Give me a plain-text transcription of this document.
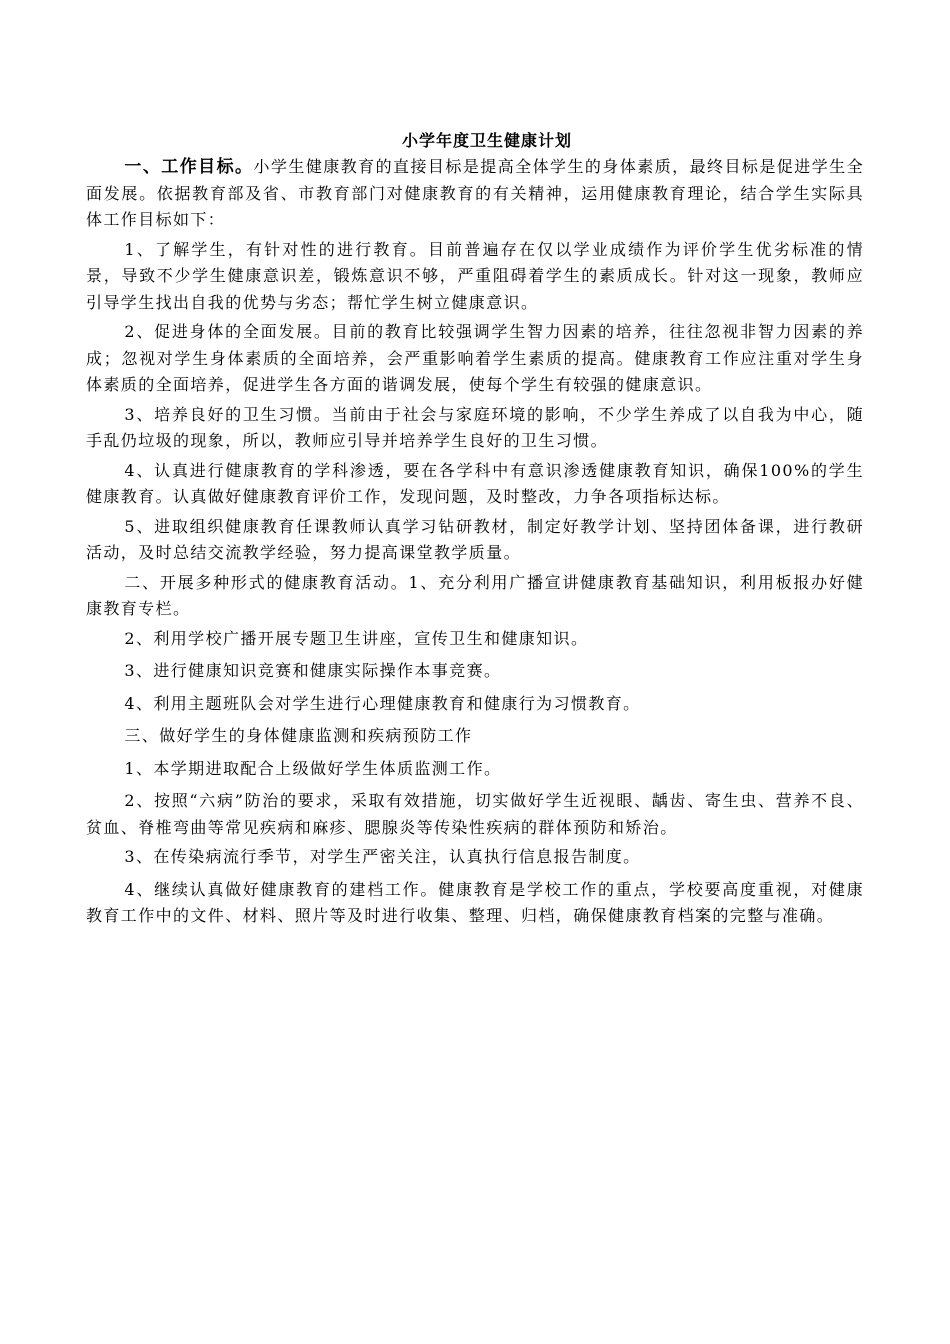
小学年度卫生健康计划

一、工作目标。小学生健康教育的直接目标是提高全体学生的身体素质，最终目标是促进学生全面发展。依据教育部及省、市教育部门对健康教育的有关精神，运用健康教育理论，结合学生实际具体工作目标如下：

1、了解学生，有针对性的进行教育。目前普遍存在仅以学业成绩作为评价学生优劣标准的情景，导致不少学生健康意识差，锻炼意识不够，严重阻碍着学生的素质成长。针对这一现象，教师应引导学生找出自我的优势与劣态；帮忙学生树立健康意识。

2、促进身体的全面发展。目前的教育比较强调学生智力因素的培养，往往忽视非智力因素的养成；忽视对学生身体素质的全面培养，会严重影响着学生素质的提高。健康教育工作应注重对学生身体素质的全面培养，促进学生各方面的谐调发展，使每个学生有较强的健康意识。

3、培养良好的卫生习惯。当前由于社会与家庭环境的影响，不少学生养成了以自我为中心，随手乱仍垃圾的现象，所以，教师应引导并培养学生良好的卫生习惯。

4、认真进行健康教育的学科渗透，要在各学科中有意识渗透健康教育知识，确保100%的学生健康教育。认真做好健康教育评价工作，发现问题，及时整改，力争各项指标达标。

5、进取组织健康教育任课教师认真学习钻研教材，制定好教学计划、坚持团体备课，进行教研活动，及时总结交流教学经验，努力提高课堂教学质量。

二、开展多种形式的健康教育活动。1、充分利用广播宣讲健康教育基础知识，利用板报办好健康教育专栏。

2、利用学校广播开展专题卫生讲座，宣传卫生和健康知识。

3、进行健康知识竞赛和健康实际操作本事竞赛。

4、利用主题班队会对学生进行心理健康教育和健康行为习惯教育。

三、做好学生的身体健康监测和疾病预防工作

1、本学期进取配合上级做好学生体质监测工作。

2、按照“六病”防治的要求，采取有效措施，切实做好学生近视眼、龋齿、寄生虫、营养不良、贫血、脊椎弯曲等常见疾病和麻疹、腮腺炎等传染性疾病的群体预防和矫治。

3、在传染病流行季节，对学生严密关注，认真执行信息报告制度。

4、继续认真做好健康教育的建档工作。健康教育是学校工作的重点，学校要高度重视，对健康教育工作中的文件、材料、照片等及时进行收集、整理、归档，确保健康教育档案的完整与准确。
